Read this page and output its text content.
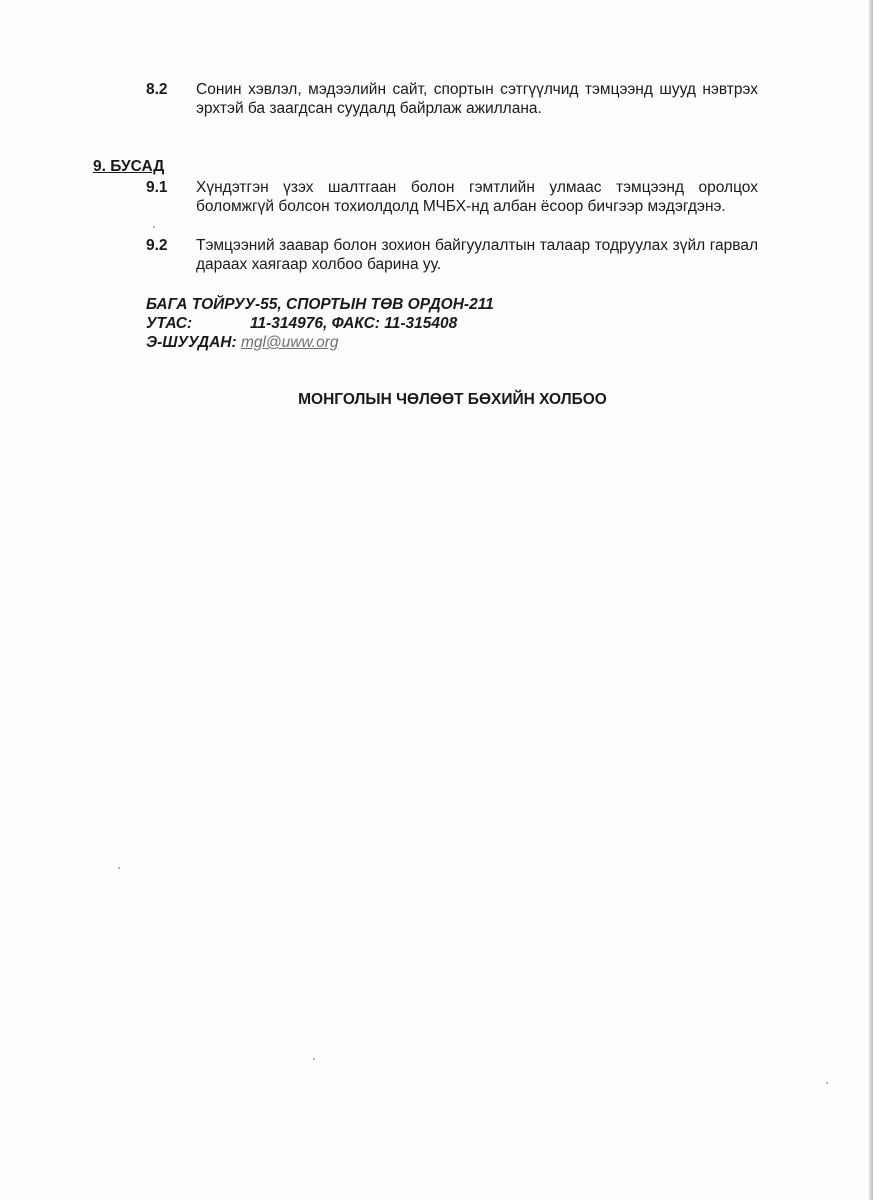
8.2 Сонин хэвлэл, мэдээлийн сайт, спортын сэтгүүлчид тэмцээнд шууд нэвтрэх эрхтэй ба заагдсан суудалд байрлаж ажиллана.
9. БУСАД
9.1 Хүндэтгэн үзэх шалтгаан болон гэмтлийн улмаас тэмцээнд оролцох боломжгүй болсон тохиолдолд МЧБХ-нд албан ёсоор бичгээр мэдэгдэнэ.
9.2 Тэмцээний заавар болон зохион байгуулалтын талаар тодруулах зүйл гарвал дараах хаягаар холбоо барина уу.
БАГА ТОЙРУУ-55, СПОРТЫН ТӨВ ОРДОН-211
УТАС:	11-314976, ФАКС: 11-315408
Э-ШУУДАН: mgl@uww.org
МОНГОЛЫН ЧӨЛӨӨТ БӨХИЙН ХОЛБОО
